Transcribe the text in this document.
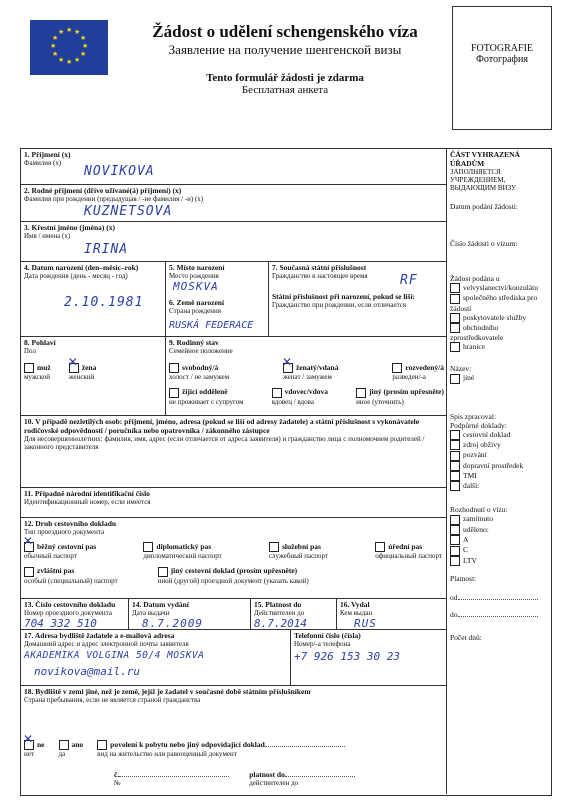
★ ★
★
★
★
★
★
★
★
★
★
★	Žádost o udělení schengenského víza
Заявление на получение шенгенской визы
Tento formulář žádosti je zdarma
Бесплатная анкета
FOTOGRAFIE
Фотография
1. Příjmení (x)
Фамилия (x)
NOVIKOVA
2. Rodné příjmení (dříve užívané(á) příjmení) (x)
Фамилия при рождении (предыдущая / -ие фамилия / -и) (x)
KUZNETSOVA
3. Křestní jméno (jména) (x)
Имя / имена (x)
IRINA
4. Datum narození (den–měsíc–rok)
Дата рождения (день - месяц - год)
2.10.1981
5. Místo narození
Место рождения
MOSKVA
6. Země narození
Страна рождения
RUSKÁ FEDERACE
7. Současná státní příslušnost
Гражданство в настоящее время	RF
Státní příslušnost při narození, pokud se liší:
Гражданство при рождении, если отличается
8. Pohlaví
Пол
muž
мужской
✕žena
женский
9. Rodinný stav
Семейное положение
svobodný/á
холост / не замужем
✕ženatý/vdaná
женат / замужем
rozvedený/á
разведен/-а
žijící odděleně
не проживает с супругом
vdovec/vdova
вдовец / вдова
jiný (prosím upřesněte)
иное (уточнить)
10. V případě nezletilých osob: příjmení, jméno, adresa (pokud se liší od adresy žadatele) a státní příslušnost s vykonávatele rodičovské odpovědnosti / poručníka nebo opatrovníka / zákonného zástupce
Для несовершеннолетних: фамилия, имя, адрес (если отличается от адреса заявителя) и гражданство лица с полномочием родителей / законного представителя
11. Případně národní identifikační číslo
Идентификационный номер, если имеется
12. Druh cestovního dokladu
Тип проездного документа
✕běžný cestovní pas
обычный паспорт
diplomatický pas
дипломатический паспорт
služební pas
служебный паспорт
úřední pas
официальный паспорт
zvláštní pas
особый (специальный) паспорт
jiný cestovní doklad (prosím upřesněte)
иной (другой) проездной документ (указать какой)
13. Číslo cestovního dokladu
Номер проездного документа
704 332 510
14. Datum vydání
Дата выдачи
8.7.2009
15. Platnost do
Действителен до
8.7.2014
16. Vydal
Кем выдан
RUS
17. Adresa bydliště žadatele a e-mailová adresa
Домашний адрес и адрес электронной почты заявителя
AKADEMIKA VOLGINA 50/4 MOSKVA
novikova@mail.ru
Telefonní číslo (čísla)
Номер/-а телефона
+7 926 153 30 23
18. Bydliště v zemi jiné, než je země, jejíž je žadatel v současné době státním příslušníkem
Страна пребывания, если не является страной гражданства
✕ne
нет
ano
да
povolení k pobytu nebo jiný odpovídající doklad
вид на жительство или равноценный документ
č.
№
platnost do
действителен до
ČÁST VYHRAZENÁ ÚŘADŮM
ЗАПОЛНЯЕТСЯ УЧРЕЖДЕНИЕМ, ВЫДАЮЩИМ ВИЗУ
Datum podání žádosti:
Číslo žádosti o vízum:
Žádost podána u
velvyslanectví/konzulátu
společného střediska pro žádosti
poskytovatele služby
obchodního zprostředkovatele
hranice
Název:
jiné
Spis zpracoval:
Podpůrné doklady:
cestovní doklad
zdroj obživy
pozvání
dopravní prostředek
TMI
další:
Rozhodnutí o vízu:
zamítnuto
uděleno:
A
C
LTV
Platnost:
od
do
Počet dnů:
